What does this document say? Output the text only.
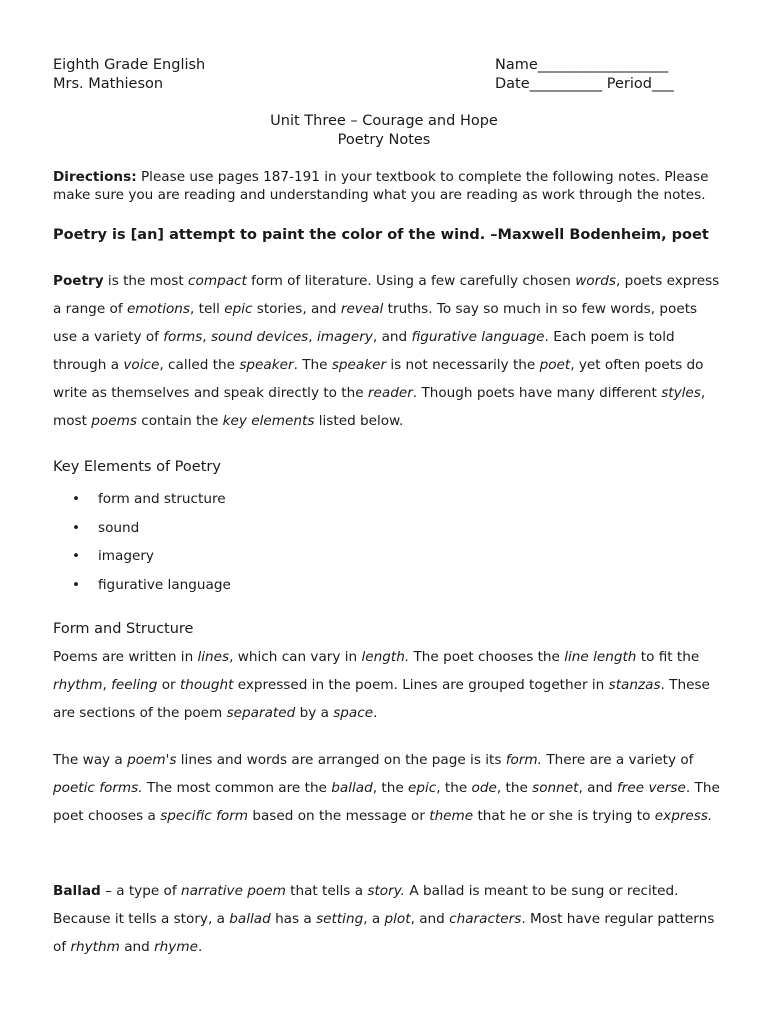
Eighth Grade English
Mrs. Mathieson
Name__________________
Date__________ Period___
Unit Three – Courage and Hope
Poetry Notes
Directions: Please use pages 187-191 in your textbook to complete the following notes. Please make sure you are reading and understanding what you are reading as work through the notes.
Poetry is [an] attempt to paint the color of the wind. –Maxwell Bodenheim, poet
Poetry is the most compact form of literature. Using a few carefully chosen words, poets express a range of emotions, tell epic stories, and reveal truths. To say so much in so few words, poets use a variety of forms, sound devices, imagery, and figurative language. Each poem is told through a voice, called the speaker. The speaker is not necessarily the poet, yet often poets do write as themselves and speak directly to the reader. Though poets have many different styles, most poems contain the key elements listed below.
Key Elements of Poetry
• form and structure
• sound
• imagery
• figurative language
Form and Structure
Poems are written in lines, which can vary in length. The poet chooses the line length to fit the rhythm, feeling or thought expressed in the poem. Lines are grouped together in stanzas. These are sections of the poem separated by a space.
The way a poem's lines and words are arranged on the page is its form. There are a variety of poetic forms. The most common are the ballad, the epic, the ode, the sonnet, and free verse. The poet chooses a specific form based on the message or theme that he or she is trying to express.
Ballad – a type of narrative poem that tells a story. A ballad is meant to be sung or recited. Because it tells a story, a ballad has a setting, a plot, and characters. Most have regular patterns of rhythm and rhyme.
